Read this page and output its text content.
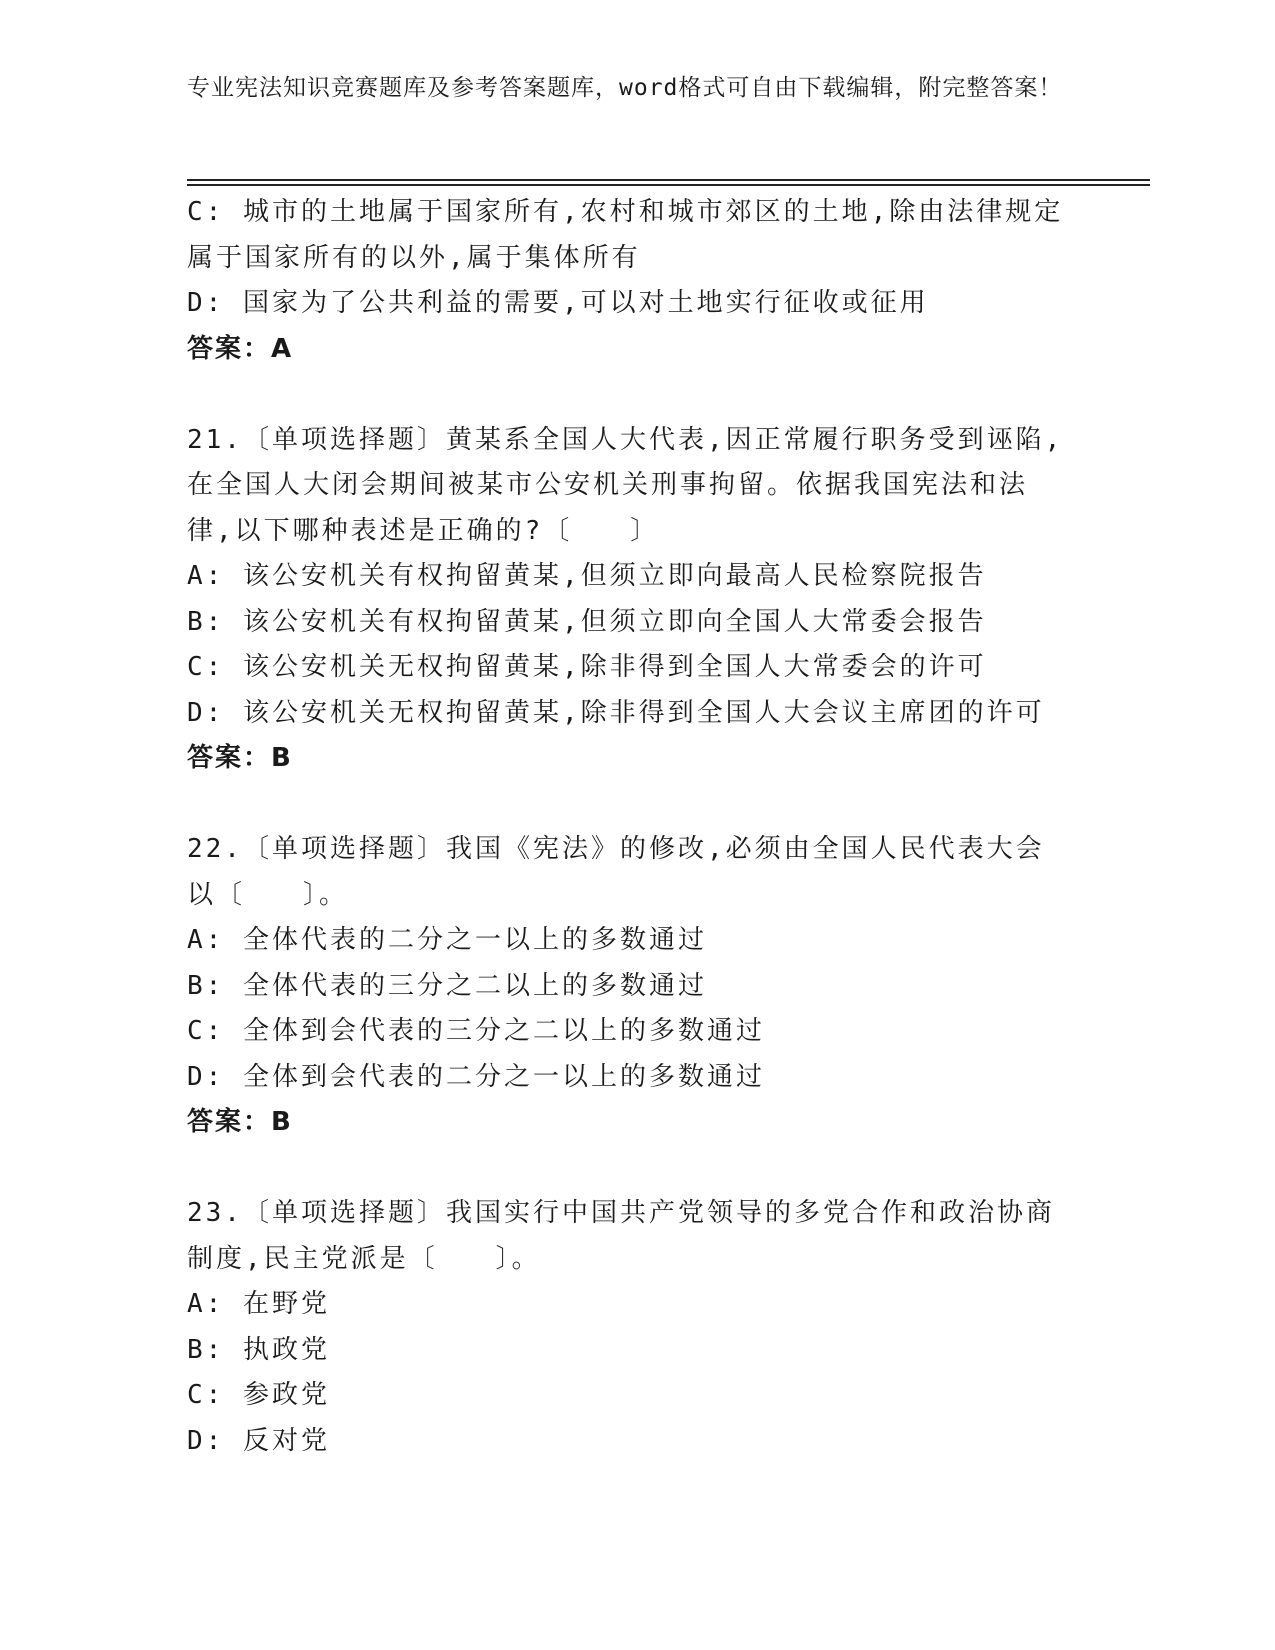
专业宪法知识竞赛题库及参考答案题库，word格式可自由下载编辑，附完整答案！
C: 城市的土地属于国家所有,农村和城市郊区的土地,除由法律规定属于国家所有的以外,属于集体所有
D: 国家为了公共利益的需要,可以对土地实行征收或征用
答案：A
21.〔单项选择题〕黄某系全国人大代表,因正常履行职务受到诬陷,在全国人大闭会期间被某市公安机关刑事拘留。依据我国宪法和法律,以下哪种表述是正确的?〔　　〕
A: 该公安机关有权拘留黄某,但须立即向最高人民检察院报告
B: 该公安机关有权拘留黄某,但须立即向全国人大常委会报告
C: 该公安机关无权拘留黄某,除非得到全国人大常委会的许可
D: 该公安机关无权拘留黄某,除非得到全国人大会议主席团的许可
答案：B
22.〔单项选择题〕我国《宪法》的修改,必须由全国人民代表大会以〔　　〕。
A: 全体代表的二分之一以上的多数通过
B: 全体代表的三分之二以上的多数通过
C: 全体到会代表的三分之二以上的多数通过
D: 全体到会代表的二分之一以上的多数通过
答案：B
23.〔单项选择题〕我国实行中国共产党领导的多党合作和政治协商制度,民主党派是〔　　〕。
A: 在野党
B: 执政党
C: 参政党
D: 反对党
